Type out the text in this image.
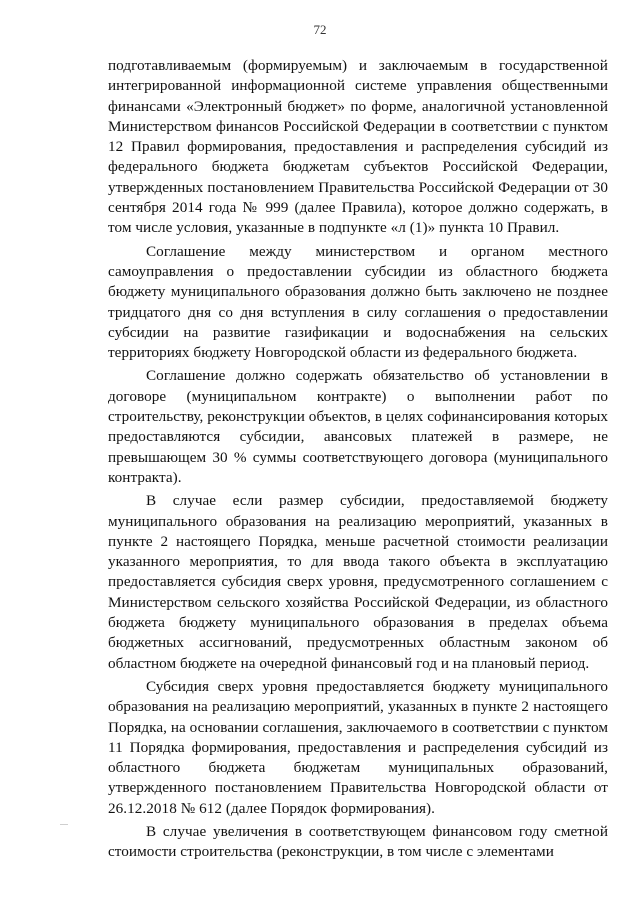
72

подготавливаемым (формируемым) и заключаемым в государственной интегрированной информационной системе управления общественными финансами «Электронный бюджет» по форме, аналогичной установленной Министерством финансов Российской Федерации в соответствии с пунктом 12 Правил формирования, предоставления и распределения субсидий из федерального бюджета бюджетам субъектов Российской Федерации, утвержденных постановлением Правительства Российской Федерации от 30 сентября 2014 года № 999 (далее Правила), которое должно содержать, в том числе условия, указанные в подпункте «л (1)» пункта 10 Правил.

Соглашение между министерством и органом местного самоуправления о предоставлении субсидии из областного бюджета бюджету муниципального образования должно быть заключено не позднее тридцатого дня со дня вступления в силу соглашения о предоставлении субсидии на развитие газификации и водоснабжения на сельских территориях бюджету Новгородской области из федерального бюджета.

Соглашение должно содержать обязательство об установлении в договоре (муниципальном контракте) о выполнении работ по строительству, реконструкции объектов, в целях софинансирования которых предоставляются субсидии, авансовых платежей в размере, не превышающем 30 % суммы соответствующего договора (муниципального контракта).

В случае если размер субсидии, предоставляемой бюджету муниципального образования на реализацию мероприятий, указанных в пункте 2 настоящего Порядка, меньше расчетной стоимости реализации указанного мероприятия, то для ввода такого объекта в эксплуатацию предоставляется субсидия сверх уровня, предусмотренного соглашением с Министерством сельского хозяйства Российской Федерации, из областного бюджета бюджету муниципального образования в пределах объема бюджетных ассигнований, предусмотренных областным законом об областном бюджете на очередной финансовый год и на плановый период.

Субсидия сверх уровня предоставляется бюджету муниципального образования на реализацию мероприятий, указанных в пункте 2 настоящего Порядка, на основании соглашения, заключаемого в соответствии с пунктом 11 Порядка формирования, предоставления и распределения субсидий из областного бюджета бюджетам муниципальных образований, утвержденного постановлением Правительства Новгородской области от 26.12.2018 № 612 (далее Порядок формирования).

В случае увеличения в соответствующем финансовом году сметной стоимости строительства (реконструкции, в том числе с элементами
